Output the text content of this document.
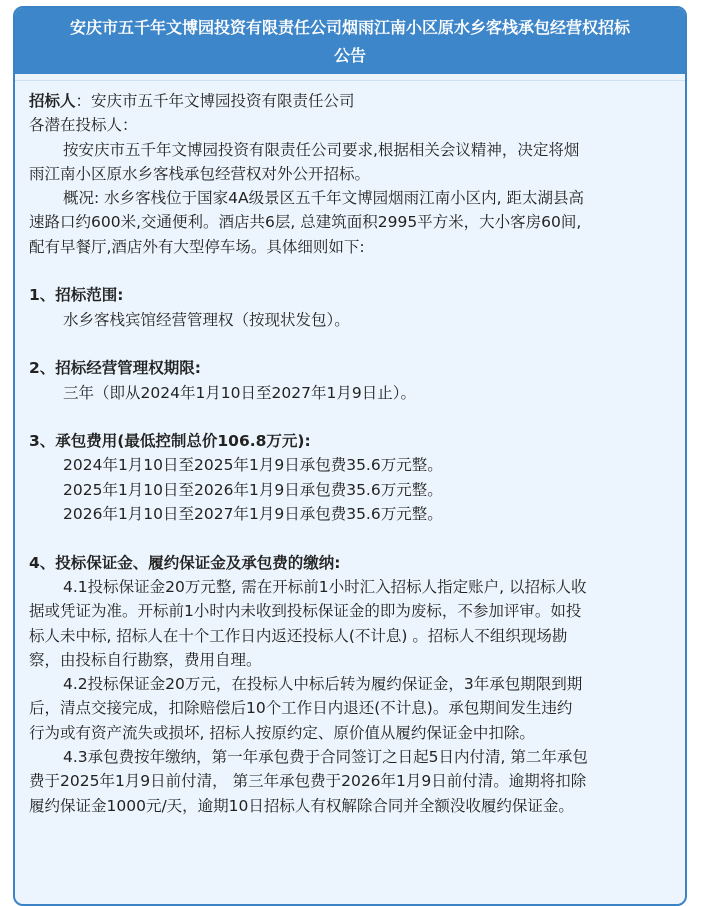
安庆市五千年文博园投资有限责任公司烟雨江南小区原水乡客栈承包经营权招标
公告

招标人：安庆市五千年文博园投资有限责任公司

各潜在投标人：

按安庆市五千年文博园投资有限责任公司要求,根据相关会议精神，决定将烟

雨江南小区原水乡客栈承包经营权对外公开招标。

概况: 水乡客栈位于国家4A级景区五千年文博园烟雨江南小区内, 距太湖县高

速路口约600米,交通便利。酒店共6层, 总建筑面积2995平方米，大小客房60间,

配有早餐厅,酒店外有大型停车场。具体细则如下:

1、招标范围:

水乡客栈宾馆经营管理权（按现状发包）。

2、招标经营管理权期限:

三年（即从2024年1月10日至2027年1月9日止）。

3、承包费用(最低控制总价106.8万元):

2024年1月10日至2025年1月9日承包费35.6万元整。

2025年1月10日至2026年1月9日承包费35.6万元整。

2026年1月10日至2027年1月9日承包费35.6万元整。

4、投标保证金、履约保证金及承包费的缴纳:

4.1投标保证金20万元整, 需在开标前1小时汇入招标人指定账户, 以招标人收

据或凭证为准。开标前1小时内未收到投标保证金的即为废标，不参加评审。如投

标人未中标, 招标人在十个工作日内返还投标人(不计息) 。招标人不组织现场勘

察，由投标自行勘察，费用自理。

4.2投标保证金20万元，在投标人中标后转为履约保证金，3年承包期限到期

后，清点交接完成，扣除赔偿后10个工作日内退还(不计息)。承包期间发生违约

行为或有资产流失或损坏, 招标人按原约定、原价值从履约保证金中扣除。

4.3承包费按年缴纳，第一年承包费于合同签订之日起5日内付清, 第二年承包

费于2025年1月9日前付清， 第三年承包费于2026年1月9日前付清。逾期将扣除

履约保证金1000元/天，逾期10日招标人有权解除合同并全额没收履约保证金。
